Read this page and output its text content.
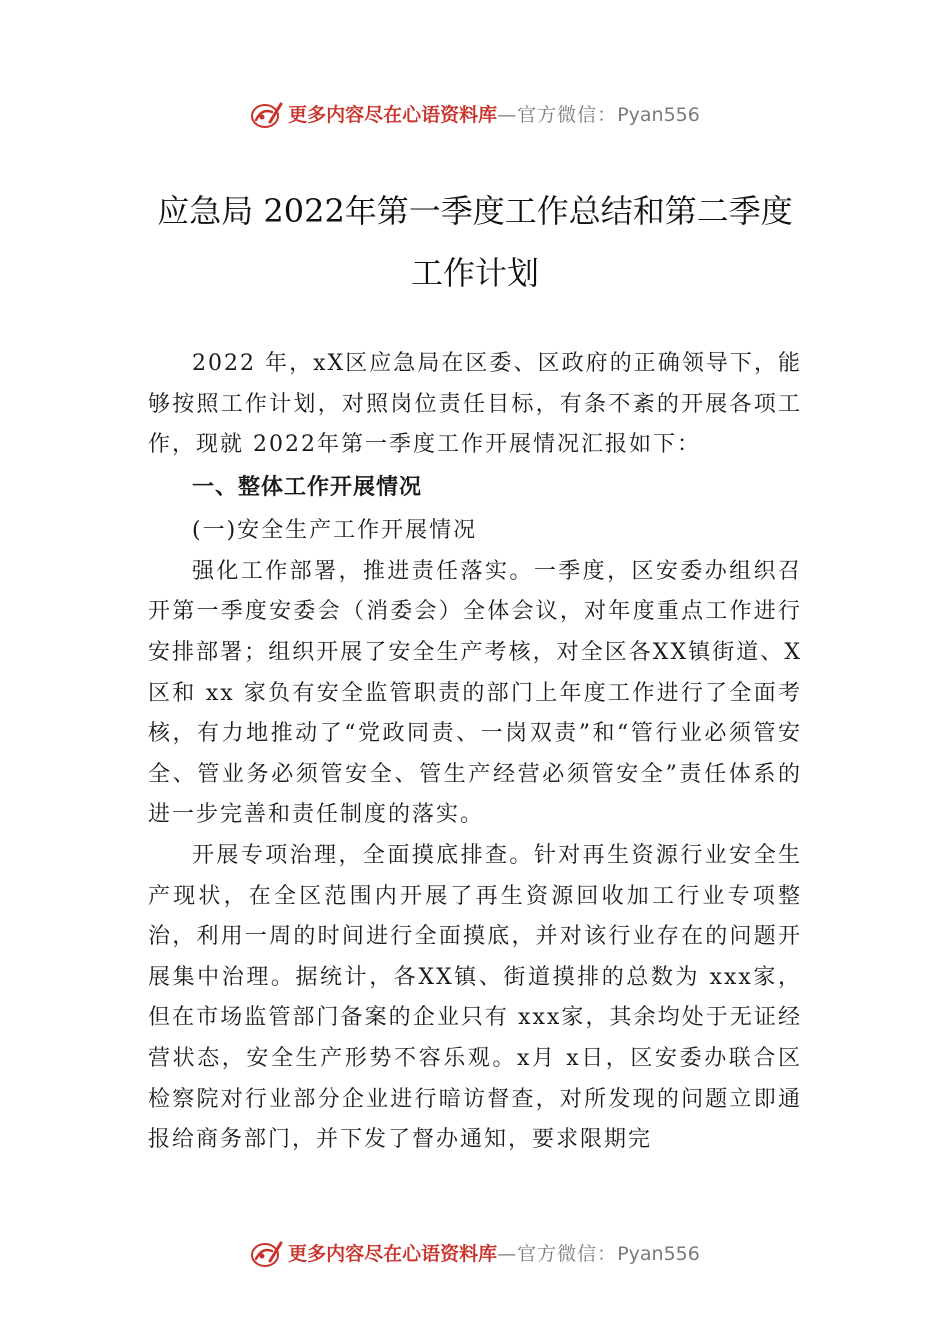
更多内容尽在心语资料库—官方微信：Pyan556
应急局 2022年第一季度工作总结和第二季度工作计划

2022 年，xX区应急局在区委、区政府的正确领导下，能够按照工作计划，对照岗位责任目标，有条不紊的开展各项工作，现就 2022年第一季度工作开展情况汇报如下：

一、整体工作开展情况

(一)安全生产工作开展情况

强化工作部署，推进责任落实。一季度，区安委办组织召开第一季度安委会（消委会）全体会议，对年度重点工作进行安排部署；组织开展了安全生产考核，对全区各XX镇街道、X区和 xx 家负有安全监管职责的部门上年度工作进行了全面考核，有力地推动了“党政同责、一岗双责”和“管行业必须管安全、管业务必须管安全、管生产经营必须管安全”责任体系的进一步完善和责任制度的落实。

开展专项治理，全面摸底排查。针对再生资源行业安全生产现状，在全区范围内开展了再生资源回收加工行业专项整治，利用一周的时间进行全面摸底，并对该行业存在的问题开展集中治理。据统计，各XX镇、街道摸排的总数为 xxx家，但在市场监管部门备案的企业只有 xxx家，其余均处于无证经营状态，安全生产形势不容乐观。x月 x日，区安委办联合区检察院对行业部分企业进行暗访督查，对所发现的问题立即通报给商务部门，并下发了督办通知，要求限期完

更多内容尽在心语资料库—官方微信：Pyan556
